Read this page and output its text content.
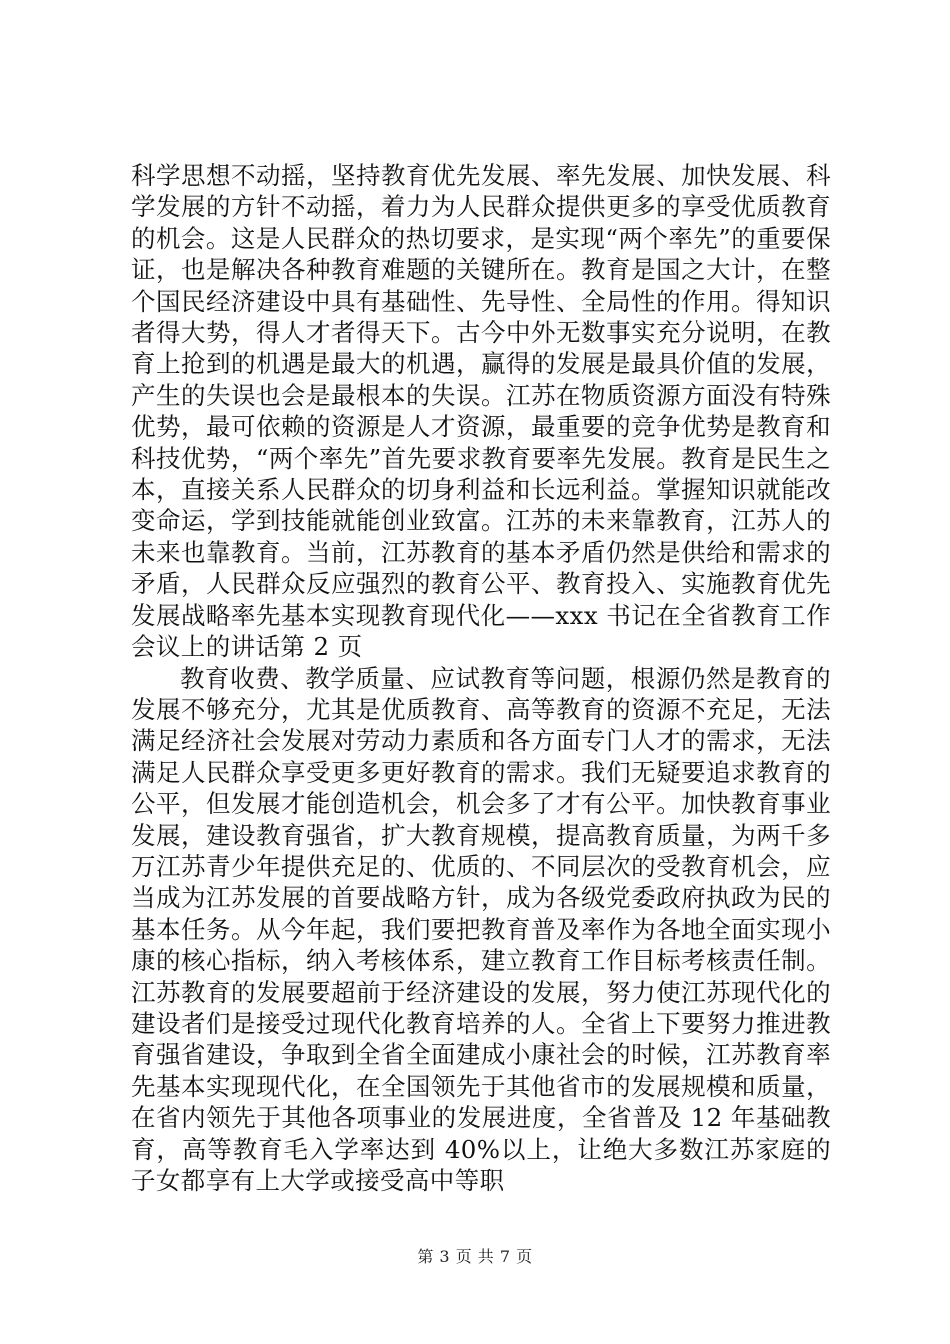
科学思想不动摇，坚持教育优先发展、率先发展、加快发展、科学发展的方针不动摇，着力为人民群众提供更多的享受优质教育的机会。这是人民群众的热切要求，是实现“两个率先”的重要保证，也是解决各种教育难题的关键所在。教育是国之大计，在整个国民经济建设中具有基础性、先导性、全局性的作用。得知识者得大势，得人才者得天下。古今中外无数事实充分说明，在教育上抢到的机遇是最大的机遇，赢得的发展是最具价值的发展，产生的失误也会是最根本的失误。江苏在物质资源方面没有特殊优势，最可依赖的资源是人才资源，最重要的竞争优势是教育和科技优势，“两个率先”首先要求教育要率先发展。教育是民生之本，直接关系人民群众的切身利益和长远利益。掌握知识就能改变命运，学到技能就能创业致富。江苏的未来靠教育，江苏人的未来也靠教育。当前，江苏教育的基本矛盾仍然是供给和需求的矛盾，人民群众反应强烈的教育公平、教育投入、实施教育优先发展战略率先基本实现教育现代化——xxx 书记在全省教育工作会议上的讲话第 2 页

教育收费、教学质量、应试教育等问题，根源仍然是教育的发展不够充分，尤其是优质教育、高等教育的资源不充足，无法满足经济社会发展对劳动力素质和各方面专门人才的需求，无法满足人民群众享受更多更好教育的需求。我们无疑要追求教育的公平，但发展才能创造机会，机会多了才有公平。加快教育事业发展，建设教育强省，扩大教育规模，提高教育质量，为两千多万江苏青少年提供充足的、优质的、不同层次的受教育机会，应当成为江苏发展的首要战略方针，成为各级党委政府执政为民的基本任务。从今年起，我们要把教育普及率作为各地全面实现小康的核心指标，纳入考核体系，建立教育工作目标考核责任制。江苏教育的发展要超前于经济建设的发展，努力使江苏现代化的建设者们是接受过现代化教育培养的人。全省上下要努力推进教育强省建设，争取到全省全面建成小康社会的时候，江苏教育率先基本实现现代化，在全国领先于其他省市的发展规模和质量，在省内领先于其他各项事业的发展进度，全省普及 12 年基础教育，高等教育毛入学率达到 40%以上，让绝大多数江苏家庭的子女都享有上大学或接受高中等职

第 3 页 共 7 页
